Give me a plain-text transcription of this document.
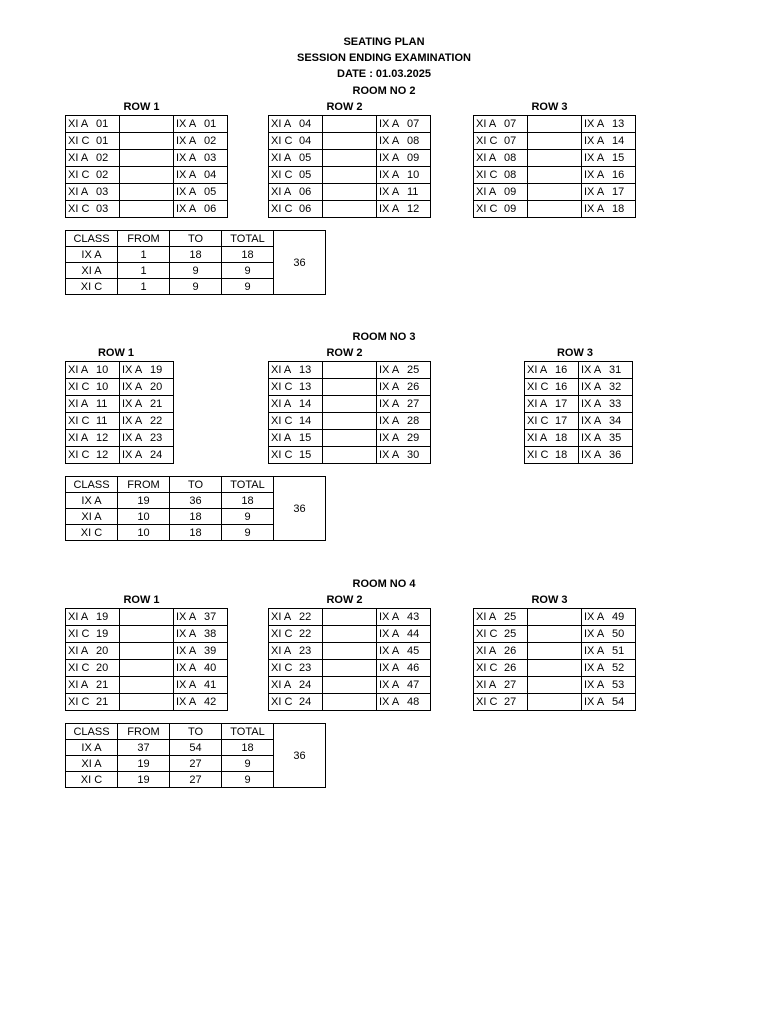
SEATING PLAN
SESSION ENDING EXAMINATION
DATE : 01.03.2025
ROOM NO 2
ROW 1
XI A 01		IX A 01
XI C 01		IX A 02
XI A 02		IX A 03
XI C 02		IX A 04
XI A 03		IX A 05
XI C 03		IX A 06
ROW 2
XI A 04		IX A 07
XI C 04		IX A 08
XI A 05		IX A 09
XI C 05		IX A 10
XI A 06		IX A 11
XI C 06		IX A 12
ROW 3
XI A 07		IX A 13
XI C 07		IX A 14
XI A 08		IX A 15
XI C 08		IX A 16
XI A 09		IX A 17
XI C 09		IX A 18
CLASS	FROM	TO	TOTAL	36
IX A	1	18	18	
XI A	1	9	9	
XI C	1	9	9	
ROOM NO 3
ROW 1
XI A 10	IX A 19
XI C 10	IX A 20
XI A 11	IX A 21
XI C 11	IX A 22
XI A 12	IX A 23
XI C 12	IX A 24
ROW 2
XI A 13		IX A 25
XI C 13		IX A 26
XI A 14		IX A 27
XI C 14		IX A 28
XI A 15		IX A 29
XI C 15		IX A 30
ROW 3
XI A 16	IX A 31
XI C 16	IX A 32
XI A 17	IX A 33
XI C 17	IX A 34
XI A 18	IX A 35
XI C 18	IX A 36
CLASS	FROM	TO	TOTAL	36
IX A	19	36	18	
XI A	10	18	9	
XI C	10	18	9	
ROOM NO 4
ROW 1
XI A 19		IX A 37
XI C 19		IX A 38
XI A 20		IX A 39
XI C 20		IX A 40
XI A 21		IX A 41
XI C 21		IX A 42
ROW 2
XI A 22		IX A 43
XI C 22		IX A 44
XI A 23		IX A 45
XI C 23		IX A 46
XI A 24		IX A 47
XI C 24		IX A 48
ROW 3
XI A 25		IX A 49
XI C 25		IX A 50
XI A 26		IX A 51
XI C 26		IX A 52
XI A 27		IX A 53
XI C 27		IX A 54
CLASS	FROM	TO	TOTAL	36
IX A	37	54	18	
XI A	19	27	9	
XI C	19	27	9	
